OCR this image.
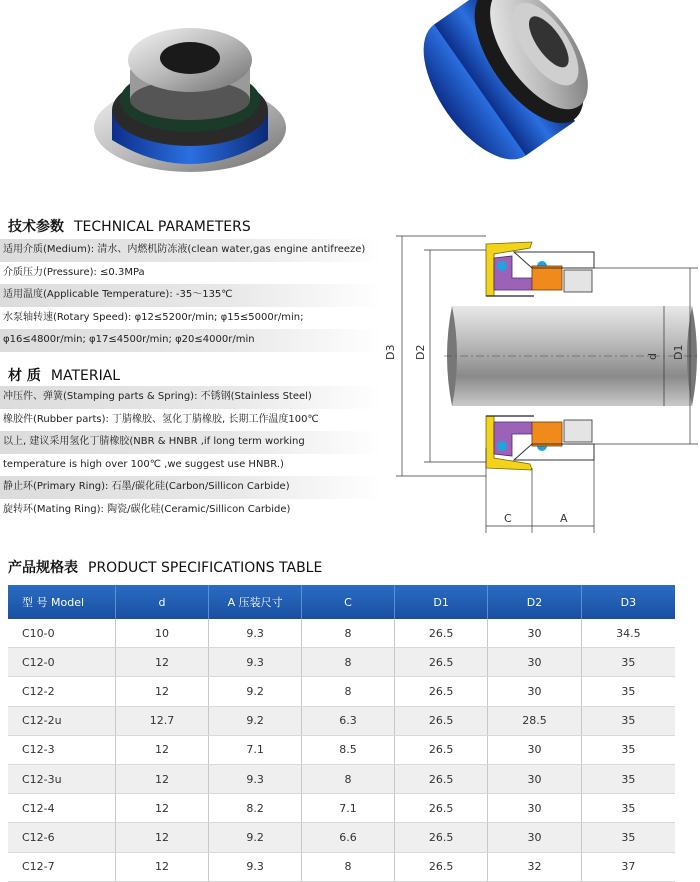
技术参数 TECHNICAL PARAMETERS
适用介质(Medium): 清水、内燃机防冻液(clean water,gas engine antifreeze)
介质压力(Pressure): ≤0.3MPa
适用温度(Applicable Temperature): -35～135℃
水泵轴转速(Rotary Speed): φ12≤5200r/min; φ15≤5000r/min;
φ16≤4800r/min; φ17≤4500r/min; φ20≤4000r/min
材 质 MATERIAL
冲压件、弹簧(Stamping parts & Spring): 不锈钢(Stainless Steel)
橡胶件(Rubber parts): 丁腈橡胶、氢化丁腈橡胶, 长期工作温度100℃
以上, 建议采用氢化丁腈橡胶(NBR & HNBR ,if long term working
temperature is high over 100℃ ,we suggest use HNBR.)
静止环(Primary Ring): 石墨/碳化硅(Carbon/Sillicon Carbide)
旋转环(Mating Ring): 陶瓷/碳化硅(Ceramic/Sillicon Carbide)
D3 D2	d D1
C	A
产品规格表 PRODUCT SPECIFICATIONS TABLE
型 号 Model	d	A 压装尺寸	C	D1	D2	D3
C10-0	10	9.3	8	26.5	30	34.5
C12-0	12	9.3	8	26.5	30	35
C12-2	12	9.2	8	26.5	30	35
C12-2u	12.7	9.2	6.3	26.5	28.5	35
C12-3	12	7.1	8.5	26.5	30	35
C12-3u	12	9.3	8	26.5	30	35
C12-4	12	8.2	7.1	26.5	30	35
C12-6	12	9.2	6.6	26.5	30	35
C12-7	12	9.3	8	26.5	32	37
